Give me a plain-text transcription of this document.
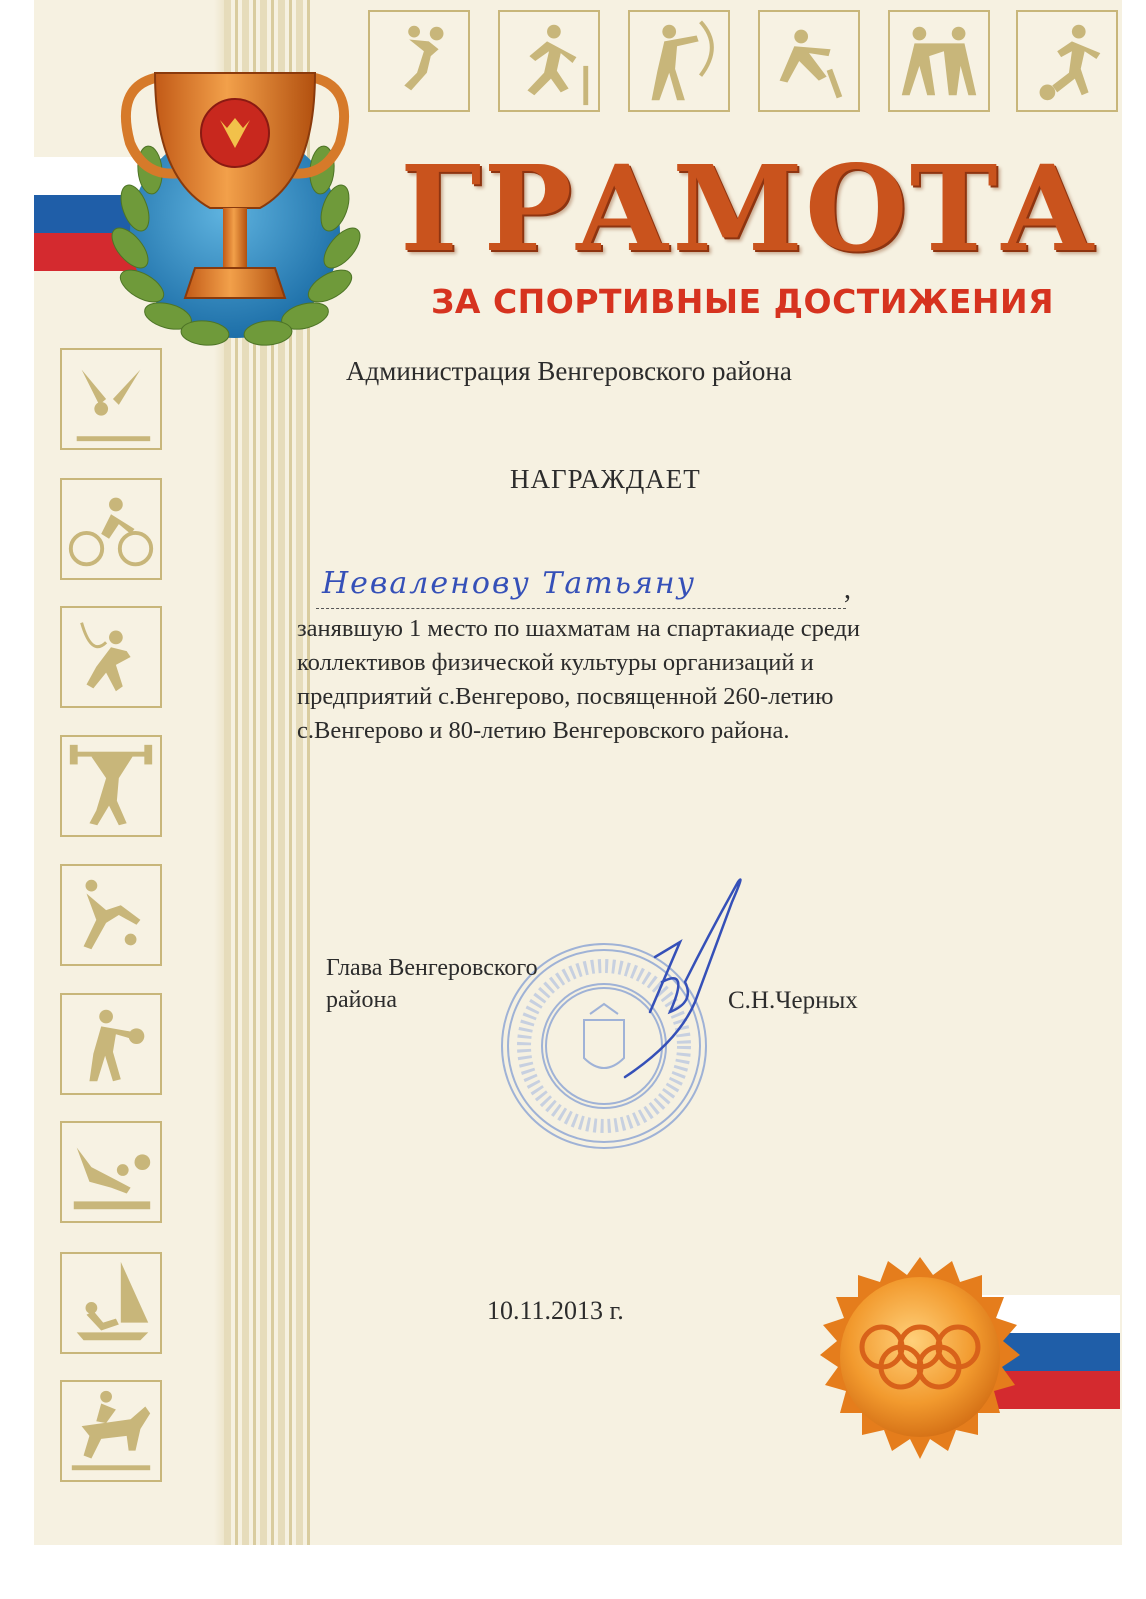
ГРАМОТА
ЗА СПОРТИВНЫЕ ДОСТИЖЕНИЯ
Администрация Венгеровского района
НАГРАЖДАЕТ
Неваленову Татьяну	,
занявшую 1 место по шахматам на спартакиаде среди
коллективов физической культуры организаций и
предприятий с.Венгерово, посвященной 260-летию
с.Венгерово и 80-летию Венгеровского района.
Глава Венгеровского
района	С.Н.Черных
10.11.2013 г.
